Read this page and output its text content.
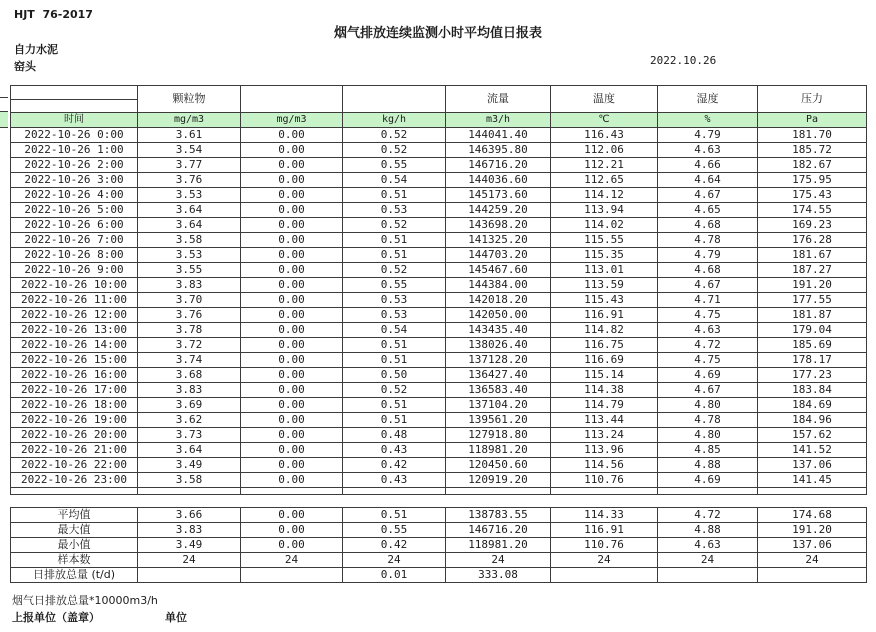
HJT  76-2017
烟气排放连续监测小时平均值日报表
自力水泥
窑头	2022.10.26
	颗粒物			流量	温度	湿度	压力

时间	mg/m3	mg/m3	kg/h	m3/h	℃	%	Pa
2022-10-26 0:00	3.61	0.00	0.52	144041.40	116.43	4.79	181.70
2022-10-26 1:00	3.54	0.00	0.52	146395.80	112.06	4.63	185.72
2022-10-26 2:00	3.77	0.00	0.55	146716.20	112.21	4.66	182.67
2022-10-26 3:00	3.76	0.00	0.54	144036.60	112.65	4.64	175.95
2022-10-26 4:00	3.53	0.00	0.51	145173.60	114.12	4.67	175.43
2022-10-26 5:00	3.64	0.00	0.53	144259.20	113.94	4.65	174.55
2022-10-26 6:00	3.64	0.00	0.52	143698.20	114.02	4.68	169.23
2022-10-26 7:00	3.58	0.00	0.51	141325.20	115.55	4.78	176.28
2022-10-26 8:00	3.53	0.00	0.51	144703.20	115.35	4.79	181.67
2022-10-26 9:00	3.55	0.00	0.52	145467.60	113.01	4.68	187.27
2022-10-26 10:00	3.83	0.00	0.55	144384.00	113.59	4.67	191.20
2022-10-26 11:00	3.70	0.00	0.53	142018.20	115.43	4.71	177.55
2022-10-26 12:00	3.76	0.00	0.53	142050.00	116.91	4.75	181.87
2022-10-26 13:00	3.78	0.00	0.54	143435.40	114.82	4.63	179.04
2022-10-26 14:00	3.72	0.00	0.51	138026.40	116.75	4.72	185.69
2022-10-26 15:00	3.74	0.00	0.51	137128.20	116.69	4.75	178.17
2022-10-26 16:00	3.68	0.00	0.50	136427.40	115.14	4.69	177.23
2022-10-26 17:00	3.83	0.00	0.52	136583.40	114.38	4.67	183.84
2022-10-26 18:00	3.69	0.00	0.51	137104.20	114.79	4.80	184.69
2022-10-26 19:00	3.62	0.00	0.51	139561.20	113.44	4.78	184.96
2022-10-26 20:00	3.73	0.00	0.48	127918.80	113.24	4.80	157.62
2022-10-26 21:00	3.64	0.00	0.43	118981.20	113.96	4.85	141.52
2022-10-26 22:00	3.49	0.00	0.42	120450.60	114.56	4.88	137.06
2022-10-26 23:00	3.58	0.00	0.43	120919.20	110.76	4.69	141.45

平均值	3.66	0.00	0.51	138783.55	114.33	4.72	174.68
最大值	3.83	0.00	0.55	146716.20	116.91	4.88	191.20
最小值	3.49	0.00	0.42	118981.20	110.76	4.63	137.06
样本数	24	24	24	24	24	24	24
日排放总量 (t/d)			0.01	333.08			
烟气日排放总量*10000m3/h
上报单位（盖章）	单位
